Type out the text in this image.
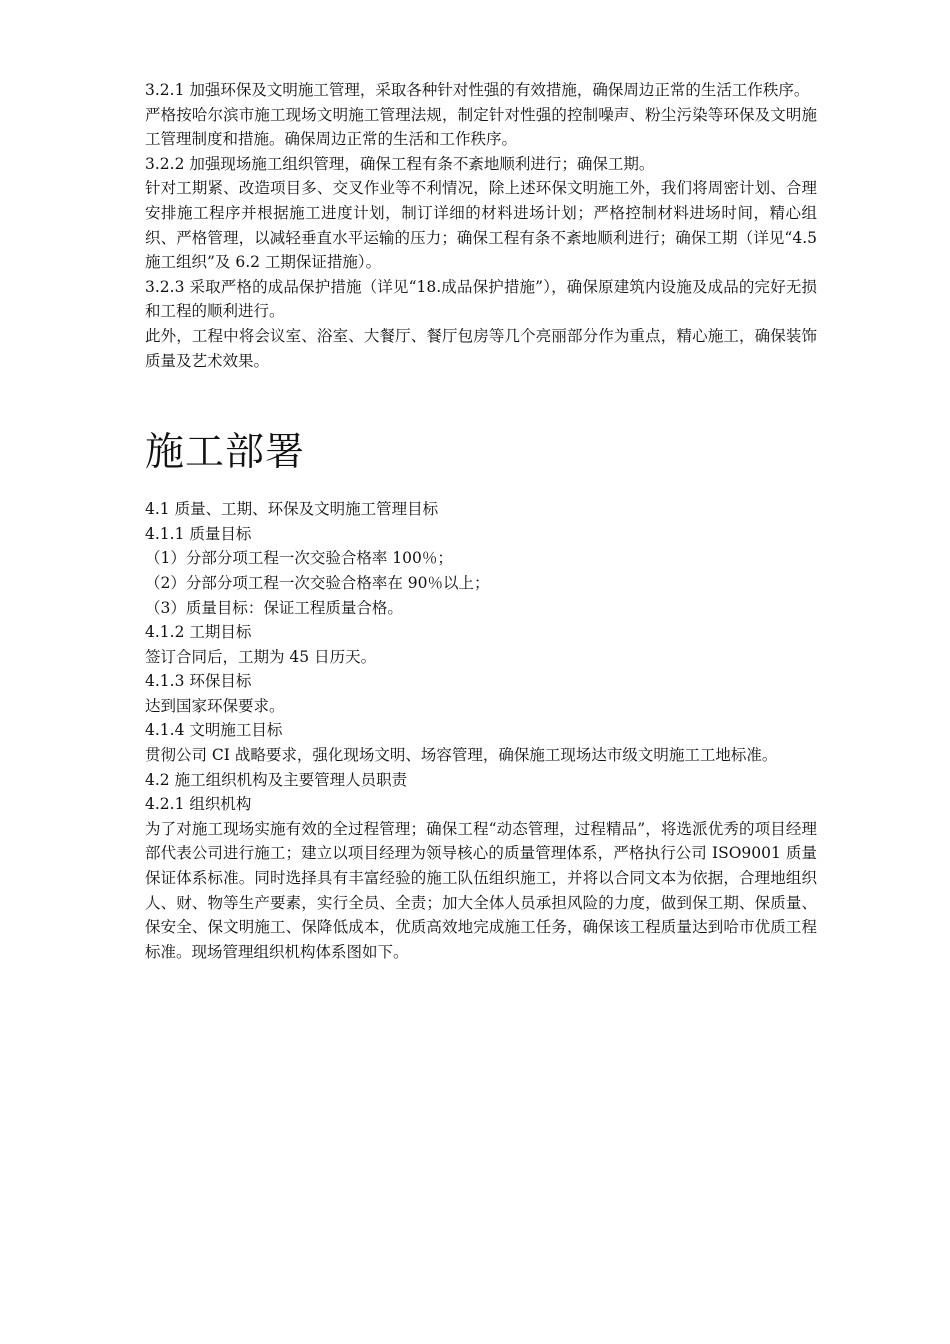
3.2.1 加强环保及文明施工管理，采取各种针对性强的有效措施，确保周边正常的生活工作秩序。

严格按哈尔滨市施工现场文明施工管理法规，制定针对性强的控制噪声、粉尘污染等环保及文明施工管理制度和措施。确保周边正常的生活和工作秩序。

3.2.2 加强现场施工组织管理，确保工程有条不紊地顺利进行；确保工期。

针对工期紧、改造项目多、交叉作业等不利情况，除上述环保文明施工外，我们将周密计划、合理安排施工程序并根据施工进度计划，制订详细的材料进场计划；严格控制材料进场时间，精心组织、严格管理，以减轻垂直水平运输的压力；确保工程有条不紊地顺利进行；确保工期（详见“4.5 施工组织”及 6.2 工期保证措施）。

3.2.3 采取严格的成品保护措施（详见“18.成品保护措施”），确保原建筑内设施及成品的完好无损和工程的顺利进行。

此外，工程中将会议室、浴室、大餐厅、餐厅包房等几个亮丽部分作为重点，精心施工，确保装饰质量及艺术效果。

施工部署

4.1 质量、工期、环保及文明施工管理目标

4.1.1 质量目标

（1）分部分项工程一次交验合格率 100％；

（2）分部分项工程一次交验合格率在 90％以上；

（3）质量目标：保证工程质量合格。

4.1.2 工期目标

签订合同后，工期为 45 日历天。

4.1.3 环保目标

达到国家环保要求。

4.1.4 文明施工目标

贯彻公司 CI 战略要求，强化现场文明、场容管理，确保施工现场达市级文明施工工地标准。

4.2 施工组织机构及主要管理人员职责

4.2.1 组织机构

为了对施工现场实施有效的全过程管理；确保工程“动态管理，过程精品”，将选派优秀的项目经理部代表公司进行施工；建立以项目经理为领导核心的质量管理体系，严格执行公司 ISO9001 质量保证体系标准。同时选择具有丰富经验的施工队伍组织施工，并将以合同文本为依据，合理地组织人、财、物等生产要素，实行全员、全责；加大全体人员承担风险的力度，做到保工期、保质量、保安全、保文明施工、保降低成本，优质高效地完成施工任务，确保该工程质量达到哈市优质工程标准。现场管理组织机构体系图如下。
